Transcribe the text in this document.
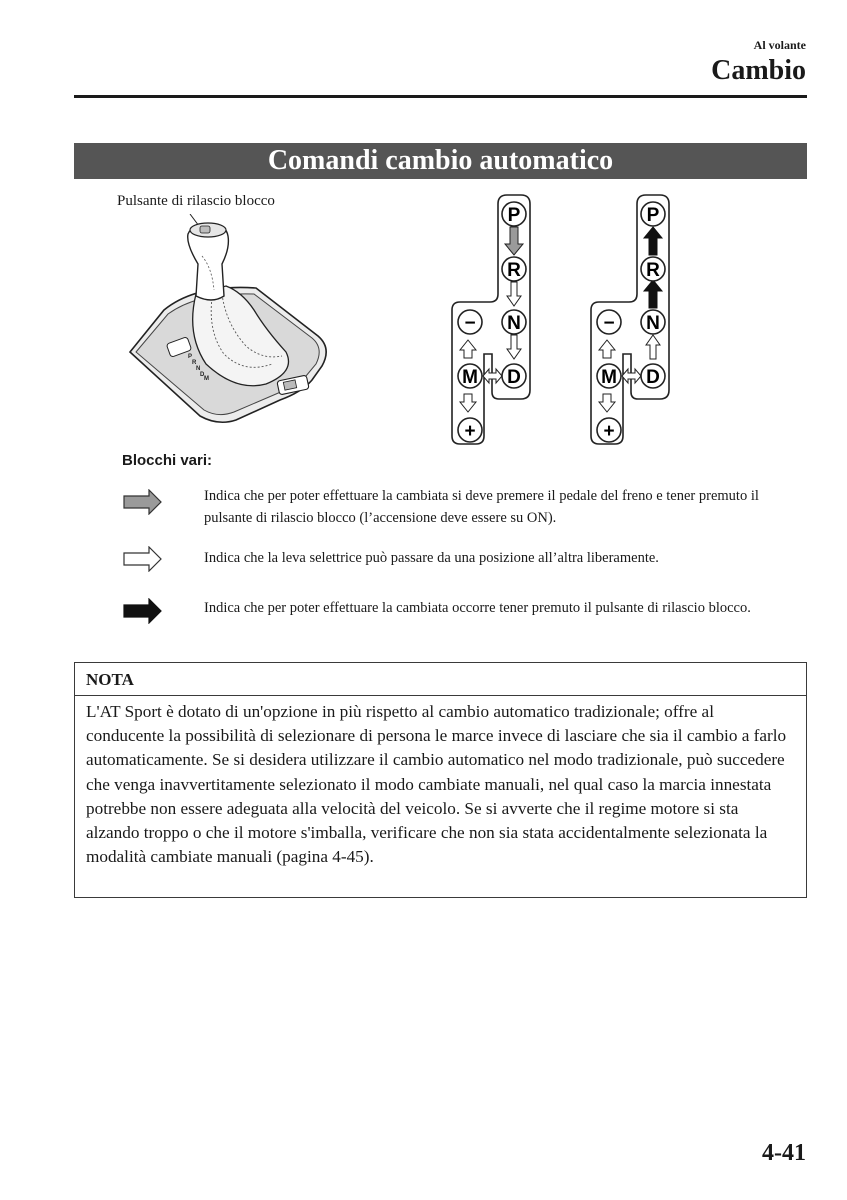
Al volante
Cambio
Comandi cambio automatico
Pulsante di rilascio blocco
P
R
N
D
M
P
R
N
D
M
−
+
P
R
N
D
M
−
+
Blocchi vari:
Indica che per poter effettuare la cambiata si deve premere il pedale del freno e tener premuto il pulsante di rilascio blocco (l’accensione deve essere su ON).
Indica che la leva selettrice può passare da una posizione all’altra liberamente.
Indica che per poter effettuare la cambiata occorre tener premuto il pulsante di rilascio blocco.
NOTA
L'AT Sport è dotato di un'opzione in più rispetto al cambio automatico tradizionale; offre al conducente la possibilità di selezionare di persona le marce invece di lasciare che sia il cambio a farlo automaticamente. Se si desidera utilizzare il cambio automatico nel modo tradizionale, può succedere che venga inavvertitamente selezionato il modo cambiate manuali, nel qual caso la marcia innestata potrebbe non essere adeguata alla velocità del veicolo. Se si avverte che il regime motore si sta alzando troppo o che il motore s'imballa, verificare che non sia stata accidentalmente selezionata la modalità cambiate manuali (pagina 4-45).
4-41
